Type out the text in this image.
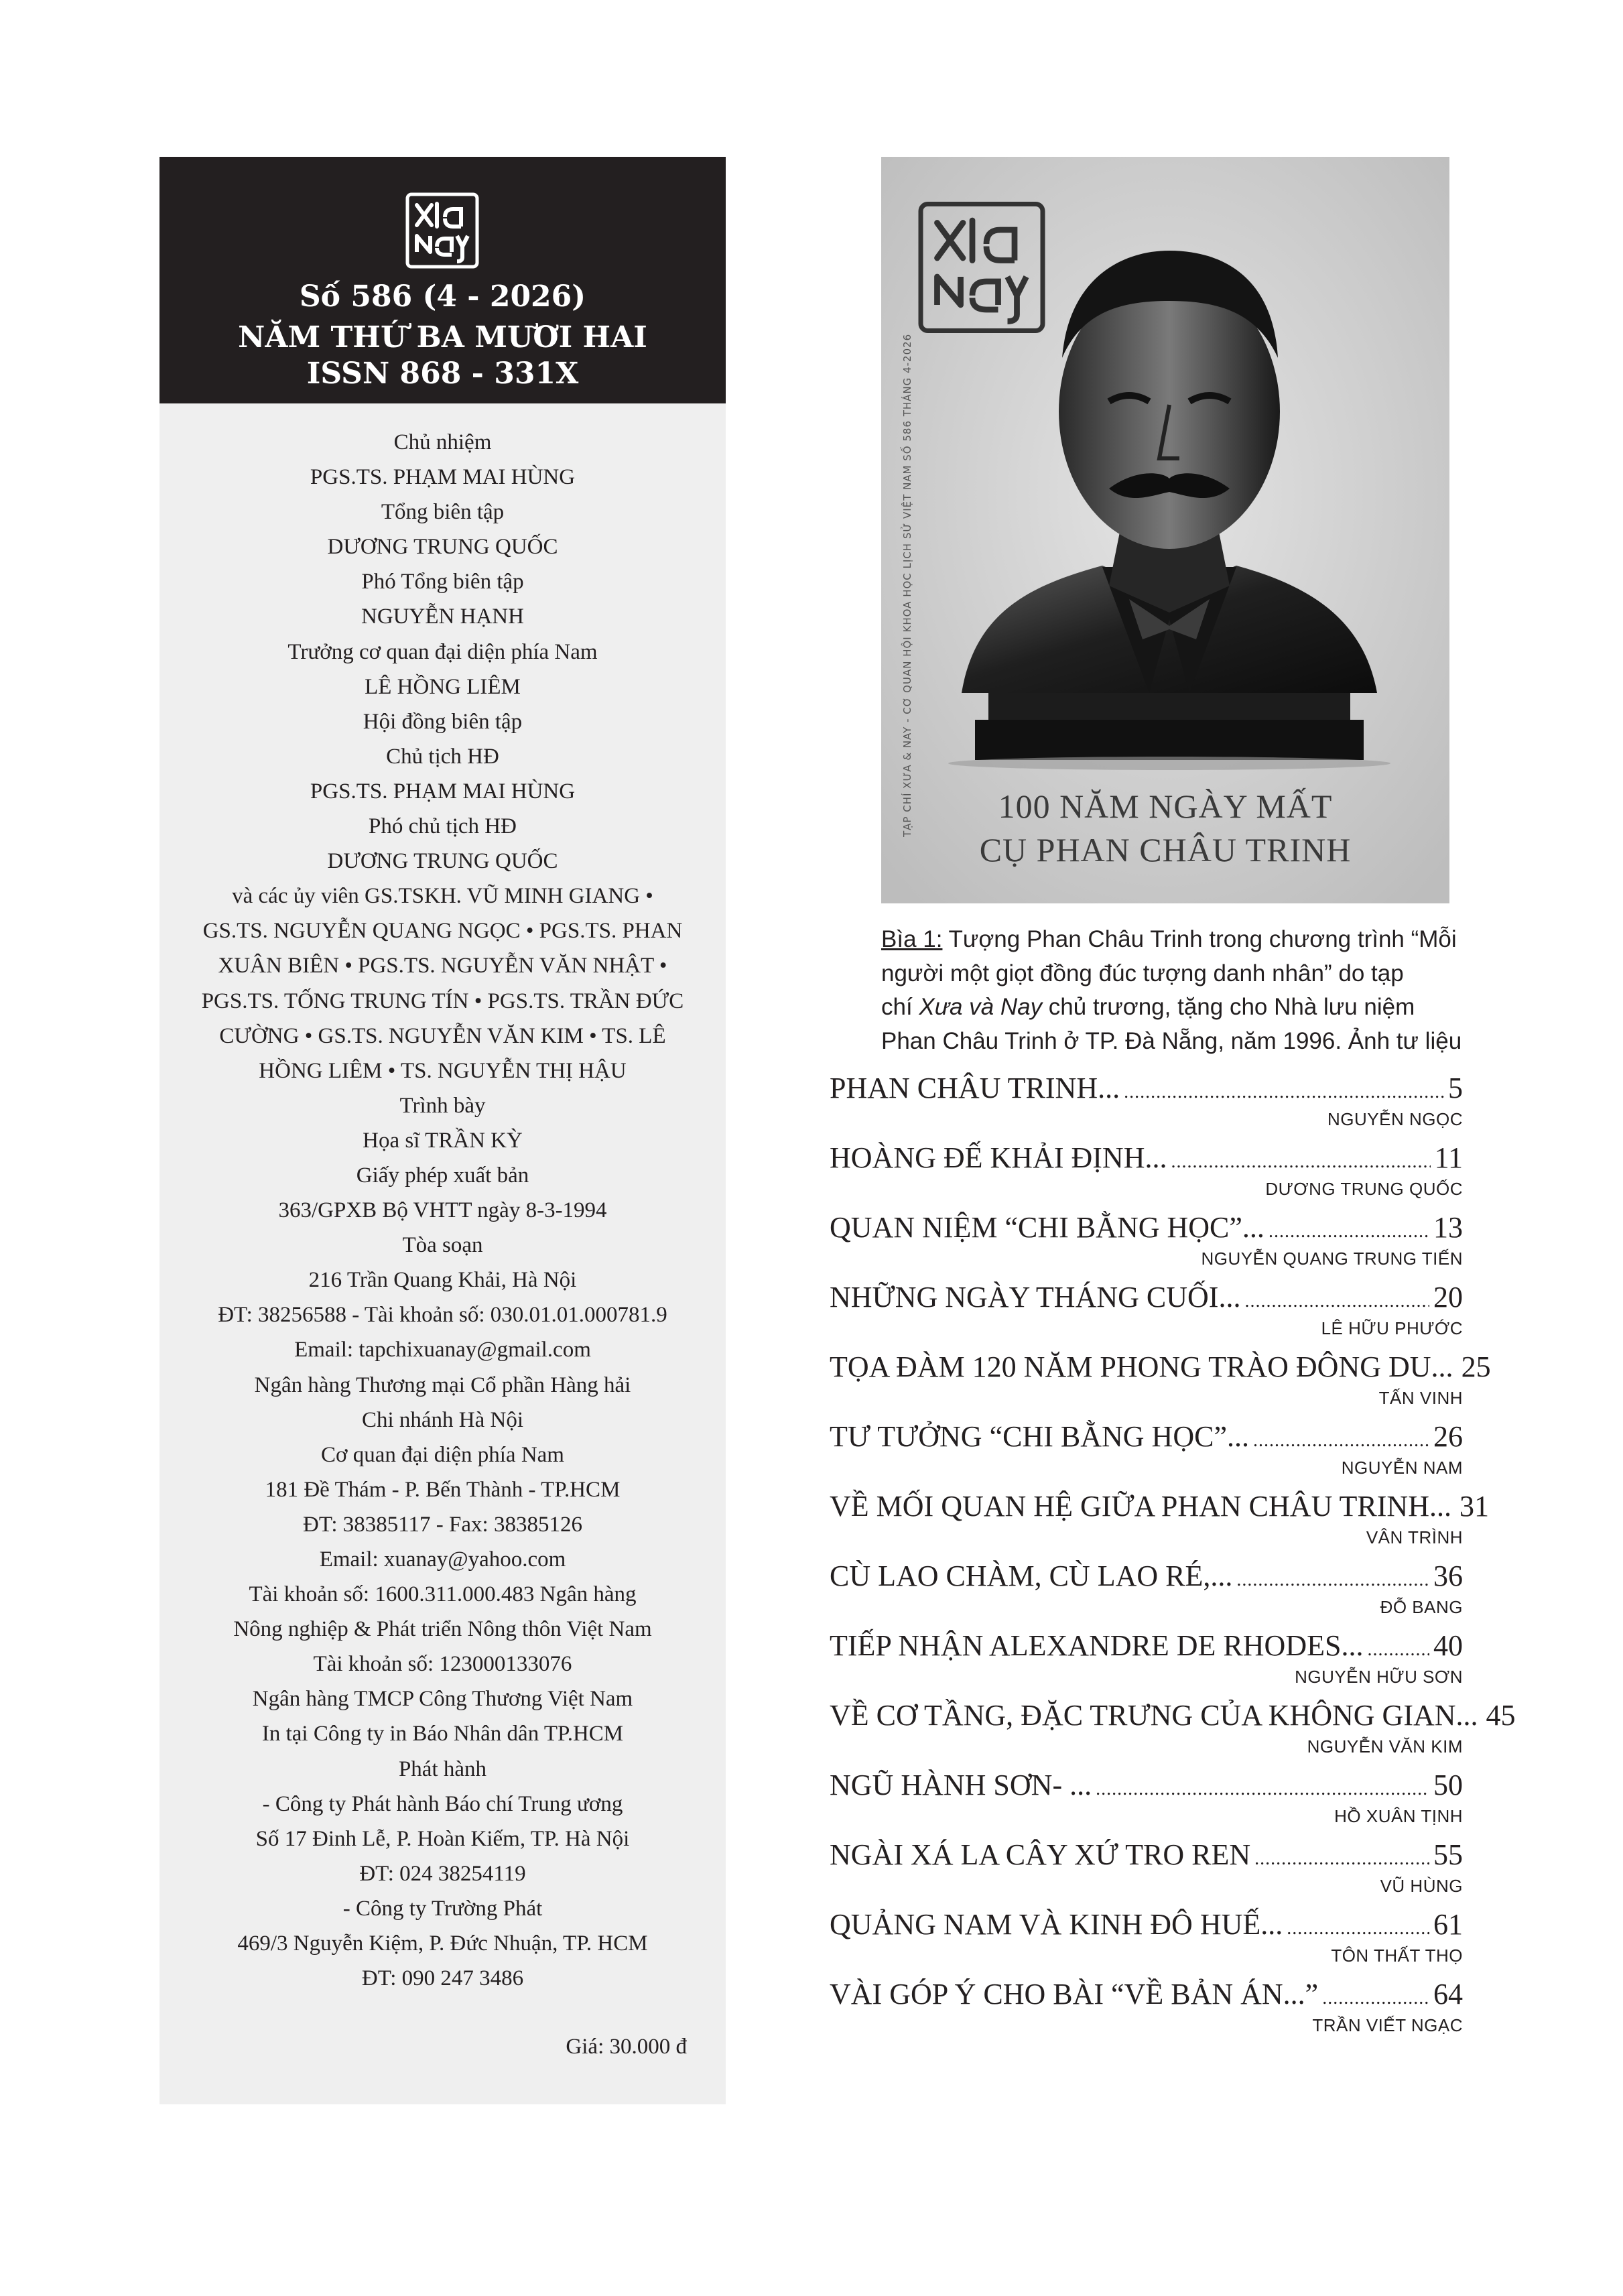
Số 586 (4 - 2026)
NĂM THỨ BA MƯƠI HAI
ISSN 868 - 331X
Chủ nhiệm
PGS.TS. PHẠM MAI HÙNG
Tổng biên tập
DƯƠNG TRUNG QUỐC
Phó Tổng biên tập
NGUYỄN HẠNH
Trưởng cơ quan đại diện phía Nam
LÊ HỒNG LIÊM
Hội đồng biên tập
Chủ tịch HĐ
PGS.TS. PHẠM MAI HÙNG
Phó chủ tịch HĐ
DƯƠNG TRUNG QUỐC
và các ủy viên GS.TSKH. VŨ MINH GIANG •
GS.TS. NGUYỄN QUANG NGỌC • PGS.TS. PHAN
XUÂN BIÊN • PGS.TS. NGUYỄN VĂN NHẬT •
PGS.TS. TỐNG TRUNG TÍN • PGS.TS. TRẦN ĐỨC
CƯỜNG • GS.TS. NGUYỄN VĂN KIM • TS. LÊ
HỒNG LIÊM • TS. NGUYỄN THỊ HẬU
Trình bày
Họa sĩ TRẦN KỲ
Giấy phép xuất bản
363/GPXB Bộ VHTT ngày 8-3-1994
Tòa soạn
216 Trần Quang Khải, Hà Nội
ĐT: 38256588 - Tài khoản số: 030.01.01.000781.9
Email: tapchixuanay@gmail.com
Ngân hàng Thương mại Cổ phần Hàng hải
Chi nhánh Hà Nội
Cơ quan đại diện phía Nam
181 Đề Thám - P. Bến Thành - TP.HCM
ĐT: 38385117 - Fax: 38385126
Email: xuanay@yahoo.com
Tài khoản số: 1600.311.000.483 Ngân hàng
Nông nghiệp & Phát triển Nông thôn Việt Nam
Tài khoản số: 123000133076
Ngân hàng TMCP Công Thương Việt Nam
In tại Công ty in Báo Nhân dân TP.HCM
Phát hành
- Công ty Phát hành Báo chí Trung ương
Số 17 Đinh Lễ, P. Hoàn Kiếm, TP. Hà Nội
ĐT: 024 38254119
- Công ty Trường Phát
469/3 Nguyễn Kiệm, P. Đức Nhuận, TP. HCM
ĐT: 090 247 3486
Giá: 30.000 đ
TẠP CHÍ XƯA & NAY - CƠ QUAN HỘI KHOA HỌC LỊCH SỬ VIỆT NAM SỐ 586 THÁNG 4-2026	100 NĂM NGÀY MẤT
CỤ PHAN CHÂU TRINH
Bìa 1: Tượng Phan Châu Trinh trong chương trình “Mỗi
người một giọt đồng đúc tượng danh nhân” do tạp
chí Xưa và Nay chủ trương, tặng cho Nhà lưu niệm
Phan Châu Trinh ở TP. Đà Nẵng, năm 1996. Ảnh tư liệu
PHAN CHÂU TRINH... .....	5
NGUYỄN NGỌC
HOÀNG ĐẾ KHẢI ĐỊNH... .....	11
DƯƠNG TRUNG QUỐC
QUAN NIỆM “CHI BẰNG HỌC”... .....	13
NGUYỄN QUANG TRUNG TIẾN
NHỮNG NGÀY THÁNG CUỐI... .....	20
LÊ HỮU PHƯỚC
TỌA ĐÀM 120 NĂM PHONG TRÀO ĐÔNG DU... 25
TẤN VINH
TƯ TƯỞNG “CHI BẰNG HỌC”... .....	26
NGUYỄN NAM
VỀ MỐI QUAN HỆ GIỮA PHAN CHÂU TRINH... 31
VÂN TRÌNH
CÙ LAO CHÀM, CÙ LAO RÉ,... .....	36
ĐỖ BANG
TIẾP NHẬN ALEXANDRE DE RHODES... ..... 40
NGUYỄN HỮU SƠN
VỀ CƠ TẦNG, ĐẶC TRƯNG CỦA KHÔNG GIAN... 45
NGUYỄN VĂN KIM
NGŨ HÀNH SƠN- ... .....	50
HỒ XUÂN TỊNH
NGÀI XÁ LA CÂY XỨ TRO REN .....	55
VŨ HÙNG
QUẢNG NAM VÀ KINH ĐÔ HUẾ... .....	61
TÔN THẤT THỌ
VÀI GÓP Ý CHO BÀI “VỀ BẢN ÁN...” .....	64
TRẦN VIẾT NGẠC
